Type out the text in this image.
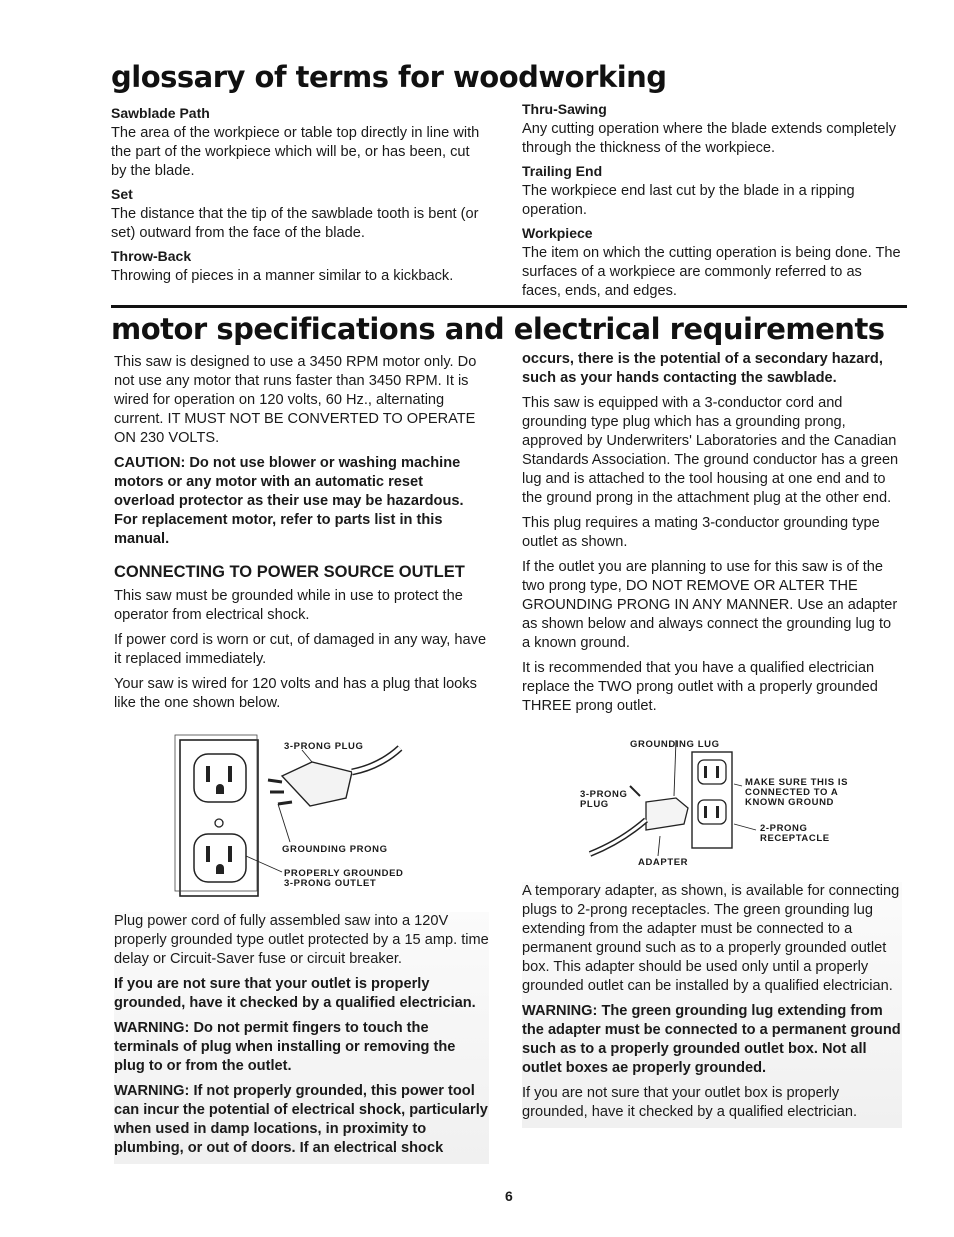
glossary of terms for woodworking
Sawblade Path
The area of the workpiece or table top directly in line with the part of the workpiece which will be, or has been, cut by the blade.
Set
The distance that the tip of the sawblade tooth is bent (or set) outward from the face of the blade.
Throw-Back
Throwing of pieces in a manner similar to a kickback.
Thru-Sawing
Any cutting operation where the blade extends completely through the thickness of the workpiece.
Trailing End
The workpiece end last cut by the blade in a ripping operation.
Workpiece
The item on which the cutting operation is being done. The surfaces of a workpiece are commonly referred to as faces, ends, and edges.
motor specifications and electrical requirements

This saw is designed to use a 3450 RPM motor only. Do not use any motor that runs faster than 3450 RPM. It is wired for operation on 120 volts, 60 Hz., alternating current. IT MUST NOT BE CONVERTED TO OPERATE ON 230 VOLTS.

CAUTION: Do not use blower or washing machine motors or any motor with an automatic reset overload protector as their use may be hazardous. For replacement motor, refer to parts list in this manual.

CONNECTING TO POWER SOURCE OUTLET

This saw must be grounded while in use to protect the operator from electrical shock.

If power cord is worn or cut, of damaged in any way, have it replaced immediately.

Your saw is wired for 120 volts and has a plug that looks like the one shown below.

3-PRONG PLUG
GROUNDING PRONG
PROPERLY GROUNDED 3-PRONG OUTLET

Plug power cord of fully assembled saw into a 120V properly grounded type outlet protected by a 15 amp. time delay or Circuit-Saver fuse or circuit breaker.

If you are not sure that your outlet is properly grounded, have it checked by a qualified electrician.

WARNING: Do not permit fingers to touch the terminals of plug when installing or removing the plug to or from the outlet.

WARNING: If not properly grounded, this power tool can incur the potential of electrical shock, particularly when used in damp locations, in proximity to plumbing, or out of doors. If an electrical shock

occurs, there is the potential of a secondary hazard, such as your hands contacting the sawblade.

This saw is equipped with a 3-conductor cord and grounding type plug which has a grounding prong, approved by Underwriters' Laboratories and the Canadian Standards Association. The ground conductor has a green lug and is attached to the tool housing at one end and to the ground prong in the attachment plug at the other end.

This plug requires a mating 3-conductor grounding type outlet as shown.

If the outlet you are planning to use for this saw is of the two prong type, DO NOT REMOVE OR ALTER THE GROUNDING PRONG IN ANY MANNER. Use an adapter as shown below and always connect the grounding lug to a known ground.

It is recommended that you have a qualified electrician replace the TWO prong outlet with a properly grounded THREE prong outlet.

GROUNDING LUG
3-PRONG PLUG
MAKE SURE THIS IS CONNECTED TO A KNOWN GROUND
2-PRONG RECEPTACLE
ADAPTER

A temporary adapter, as shown, is available for connecting plugs to 2-prong receptacles. The green grounding lug extending from the adapter must be connected to a permanent ground such as to a properly grounded outlet box. This adapter should be used only until a properly grounded outlet can be installed by a qualified electrician.

WARNING: The green grounding lug extending from the adapter must be connected to a permanent ground such as to a properly grounded outlet box. Not all outlet boxes ae properly grounded.

If you are not sure that your outlet box is properly grounded, have it checked by a qualified electrician.

6
